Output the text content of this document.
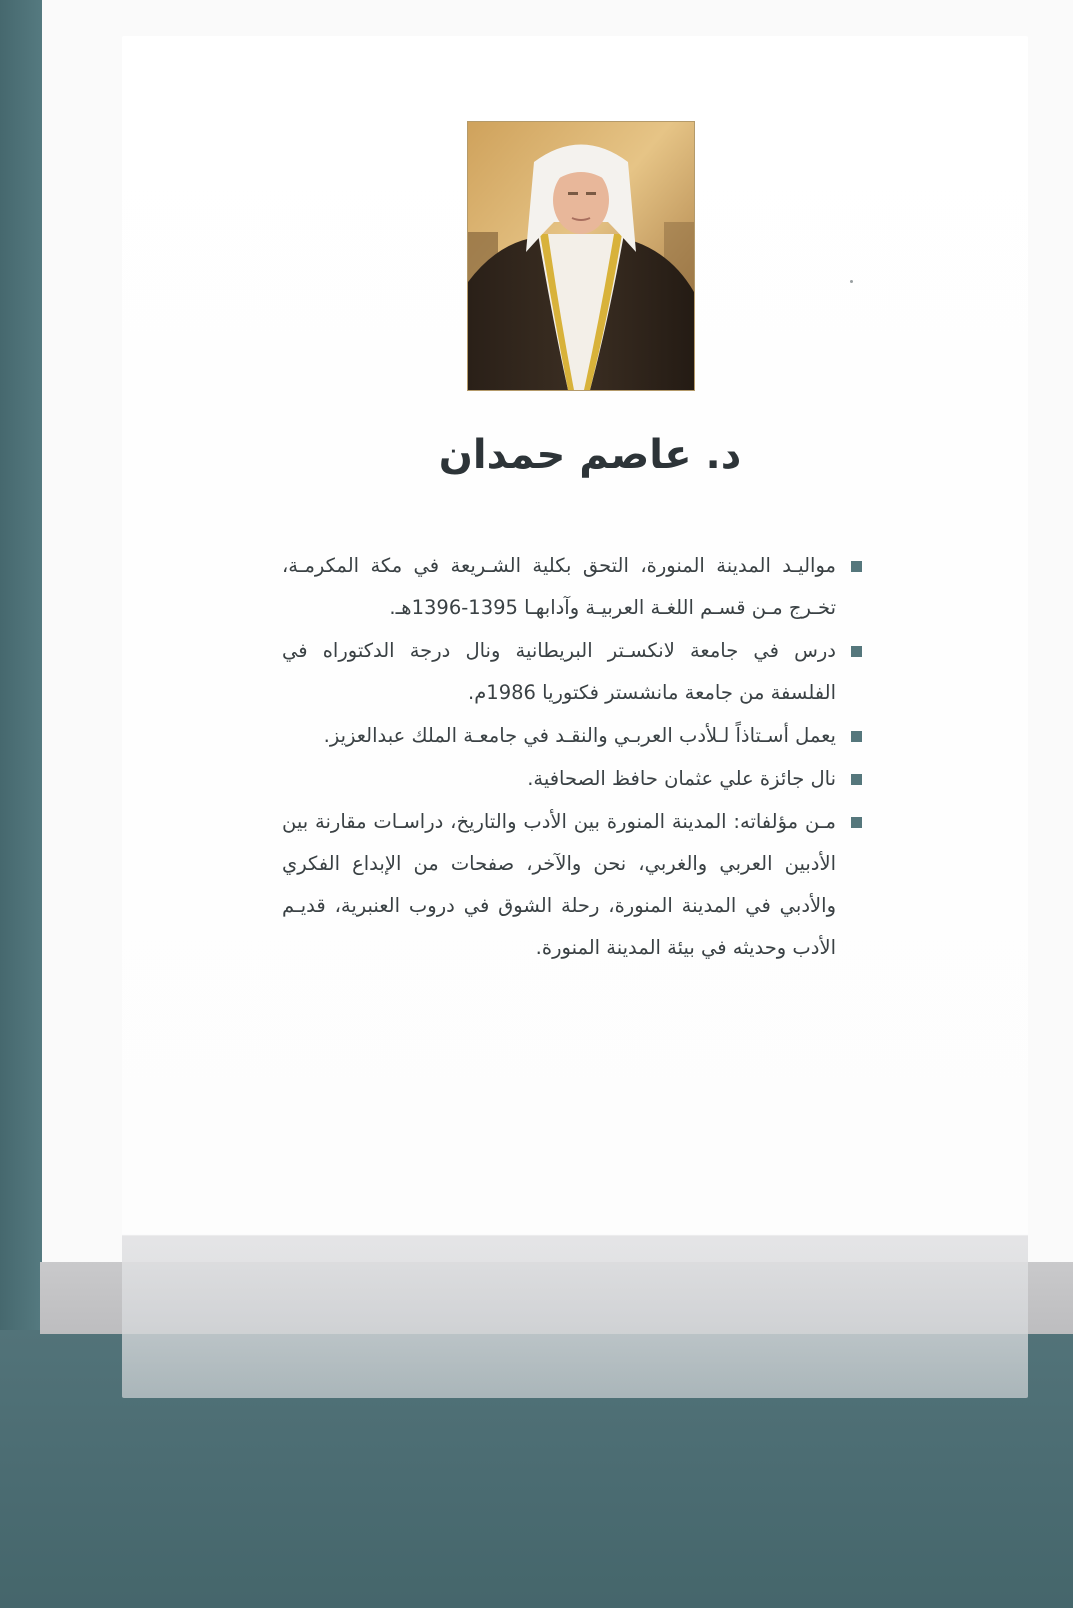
د. عاصم حمدان
مواليـد المدينة المنورة، التحق بكلية الشـريعة في مكة المكرمـة، تخـرج مـن قسـم اللغـة العربيـة وآدابهـا 1395-1396هـ.
درس في جامعة لانكسـتر البريطانية ونال درجة الدكتوراه في الفلسفة من جامعة مانشستر فكتوريا 1986م.
يعمل أسـتاذاً لـلأدب العربـي والنقـد في جامعـة الملك عبدالعزيز.
نال جائزة علي عثمان حافظ الصحافية.
مـن مؤلفاته: المدينة المنورة بين الأدب والتاريخ، دراسـات مقارنة بين الأدبين العربي والغربي، نحن والآخر، صفحات من الإبداع الفكري والأدبي في المدينة المنورة، رحلة الشوق في دروب العنبرية، قديـم الأدب وحديثه في بيئة المدينة المنورة.
